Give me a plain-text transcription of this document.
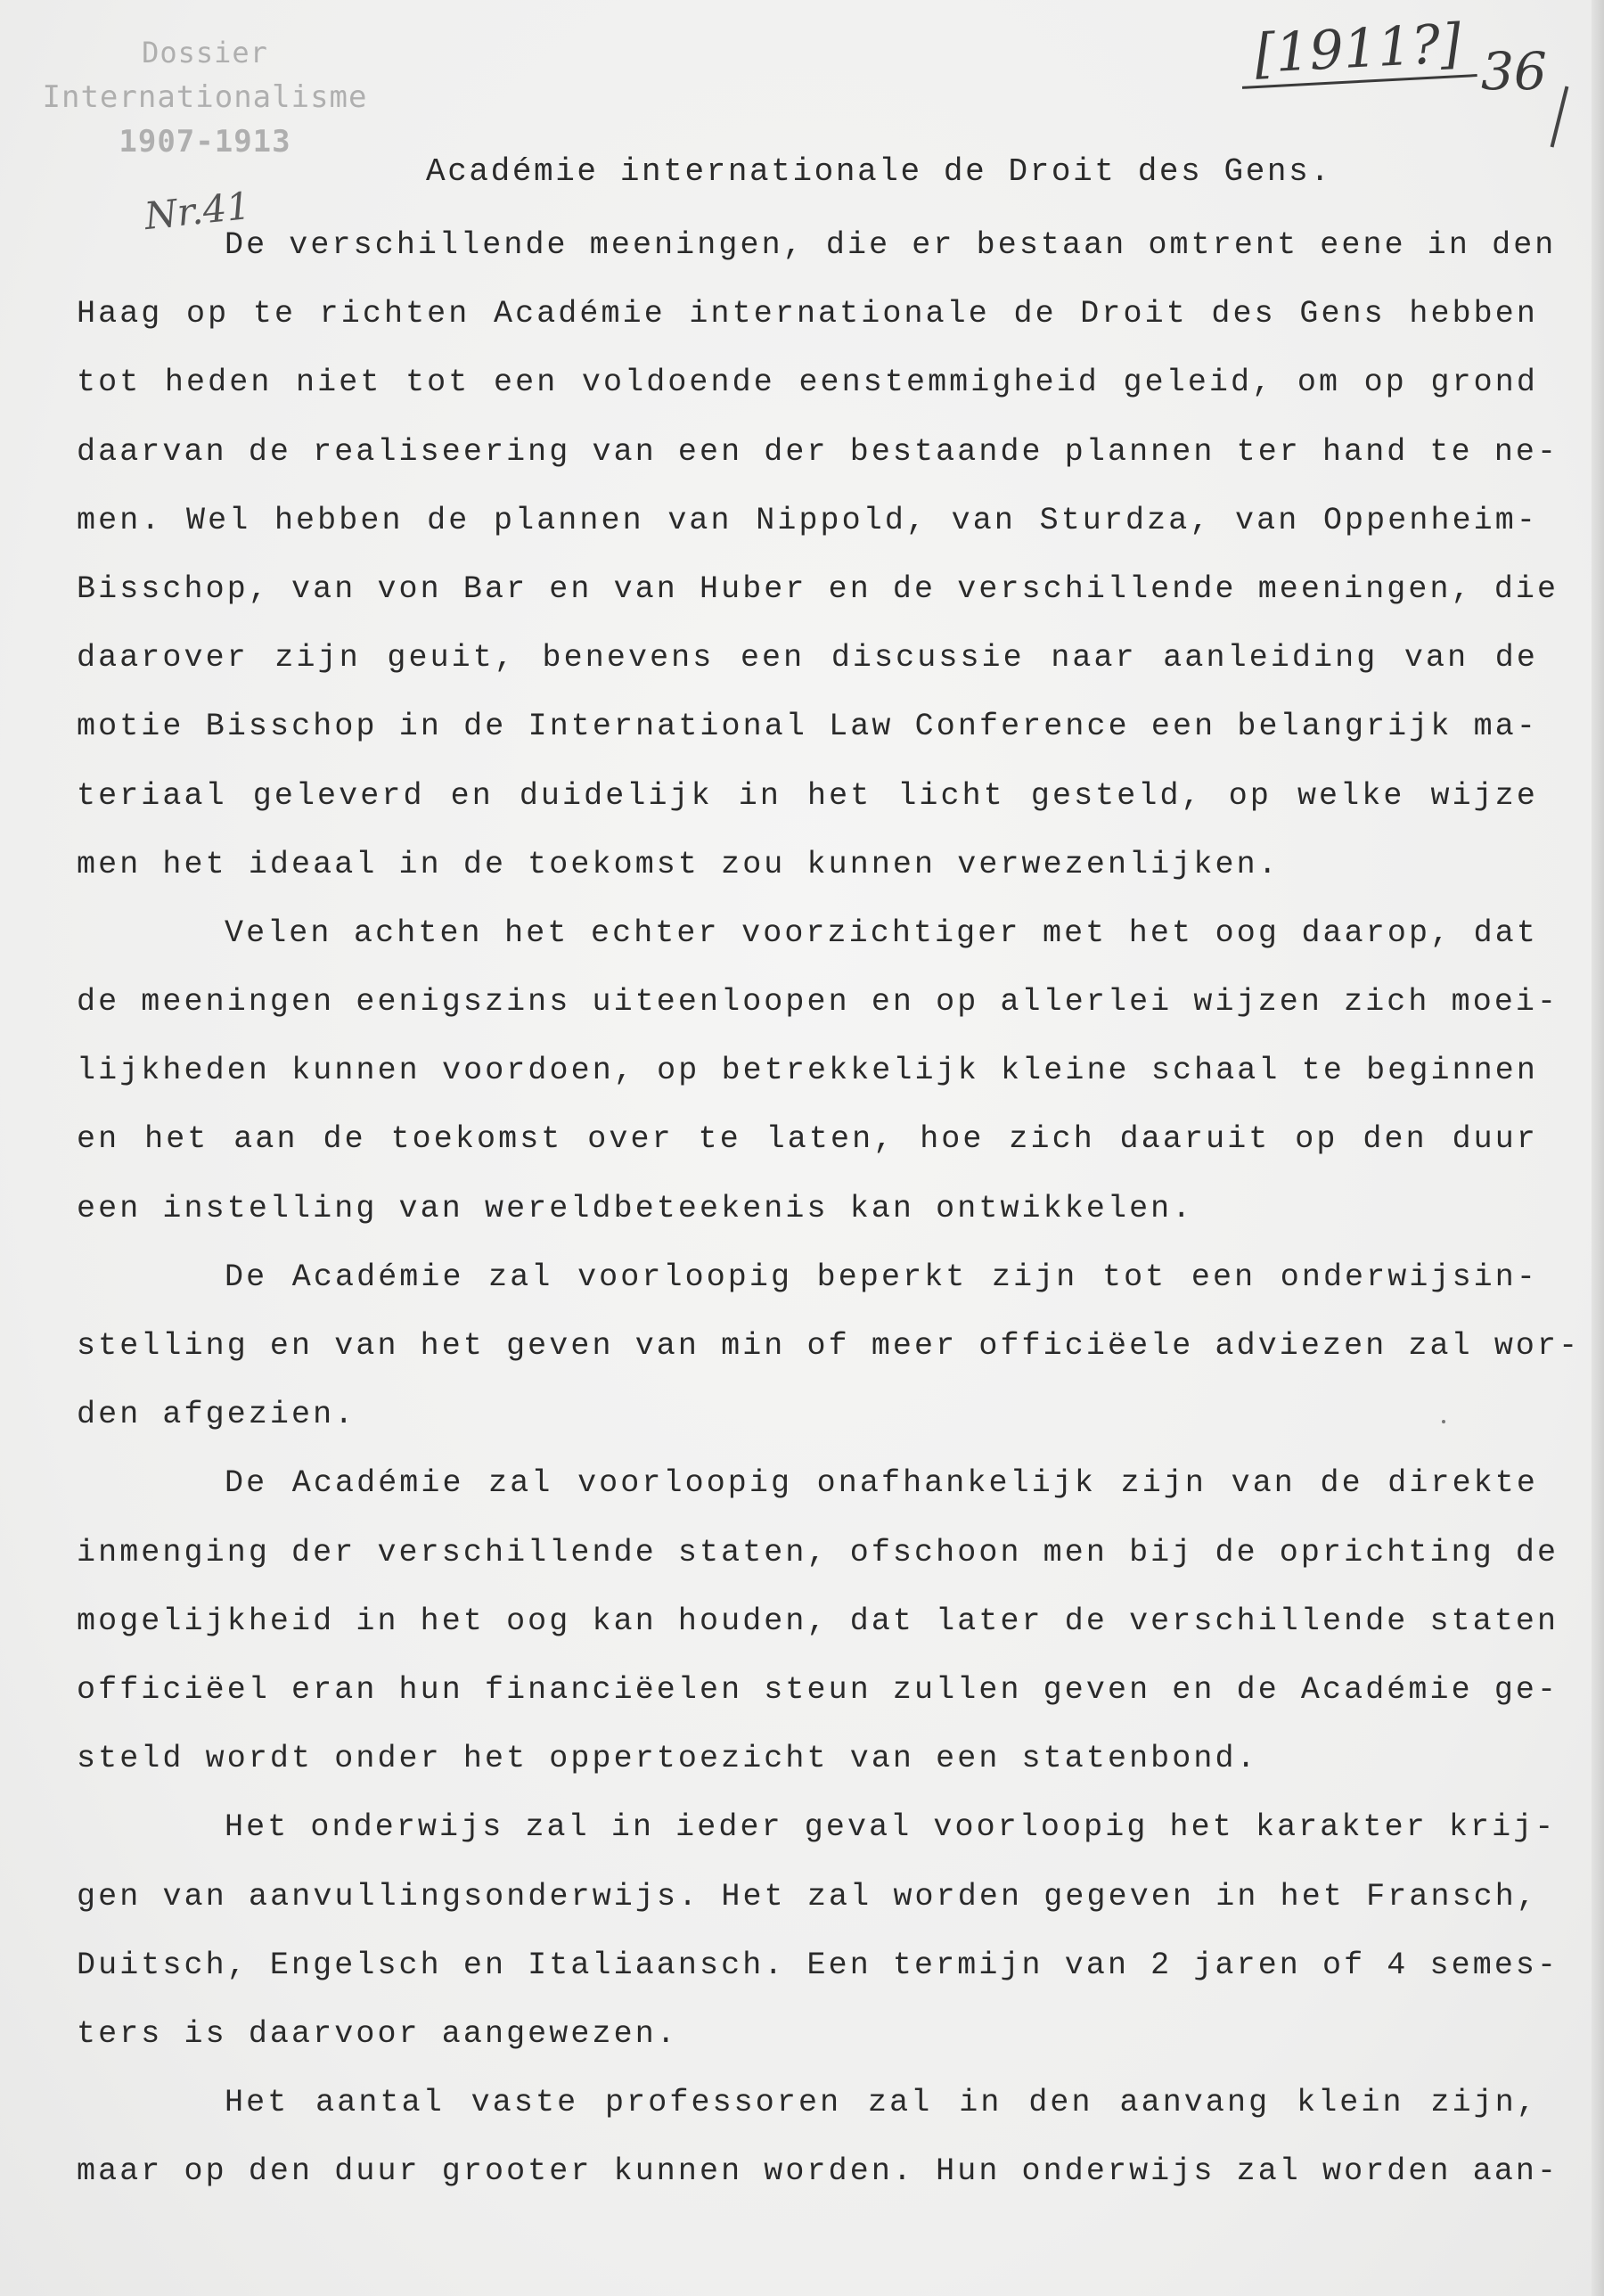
Dossier
Internationalisme
1907-1913
Nr.41
[1911?] 36
Académie internationale de Droit des Gens.
De verschillende meeningen, die er bestaan omtrent eene in den
Haag op te richten Académie internationale de Droit des Gens hebben
tot heden niet tot een voldoende eenstemmigheid geleid, om op grond
daarvan de realiseering van een der bestaande plannen ter hand te ne-
men. Wel hebben de plannen van Nippold, van Sturdza, van Oppenheim-
Bisschop, van von Bar en van Huber en de verschillende meeningen, die
daarover zijn geuit, benevens een discussie naar aanleiding van de
motie Bisschop in de International Law Conference een belangrijk ma-
teriaal geleverd en duidelijk in het licht gesteld, op welke wijze
men het ideaal in de toekomst zou kunnen verwezenlijken.
Velen achten het echter voorzichtiger met het oog daarop, dat
de meeningen eenigszins uiteenloopen en op allerlei wijzen zich moei-
lijkheden kunnen voordoen, op betrekkelijk kleine schaal te beginnen
en het aan de toekomst over te laten, hoe zich daaruit op den duur
een instelling van wereldbeteekenis kan ontwikkelen.
De Académie zal voorloopig beperkt zijn tot een onderwijsin-
stelling en van het geven van min of meer officiëele adviezen zal wor-
den afgezien.
De Académie zal voorloopig onafhankelijk zijn van de direkte
inmenging der verschillende staten, ofschoon men bij de oprichting de
mogelijkheid in het oog kan houden, dat later de verschillende staten
officiëel eran hun financiëelen steun zullen geven en de Académie ge-
steld wordt onder het oppertoezicht van een statenbond.
Het onderwijs zal in ieder geval voorloopig het karakter krij-
gen van aanvullingsonderwijs. Het zal worden gegeven in het Fransch,
Duitsch, Engelsch en Italiaansch. Een termijn van 2 jaren of 4 semes-
ters is daarvoor aangewezen.
Het aantal vaste professoren zal in den aanvang klein zijn,
maar op den duur grooter kunnen worden. Hun onderwijs zal worden aan-
